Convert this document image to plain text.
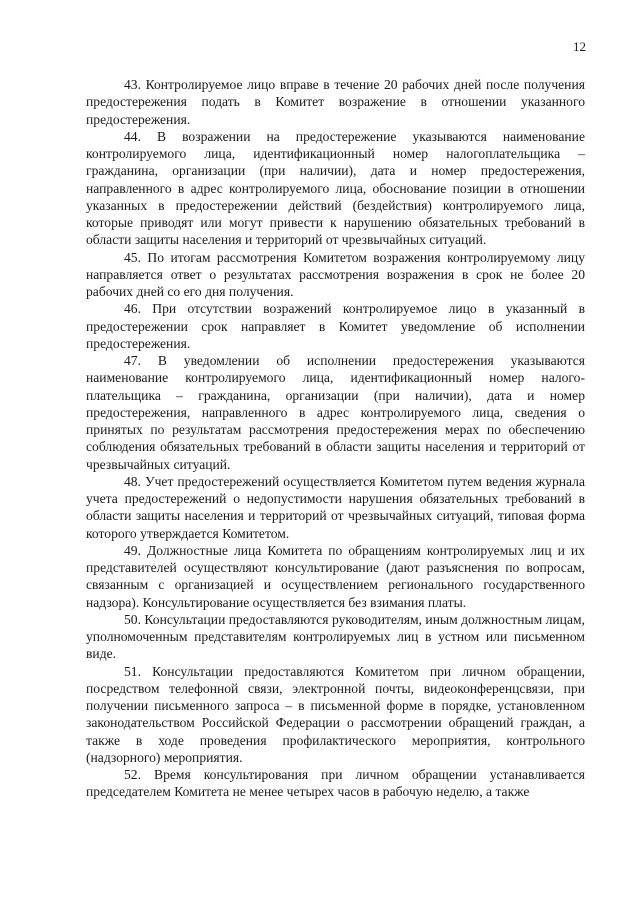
12

43. Контролируемое лицо вправе в течение 20 рабочих дней после получения предостережения подать в Комитет возражение в отношении указанного предостережения.

44. В возражении на предостережение указываются наименование контролируемого лица, идентификационный номер налогоплательщика – гражданина, организации (при наличии), дата и номер предостережения, направленного в адрес контролируемого лица, обоснование позиции в отношении указанных в предостережении действий (бездействия) контролируемого лица, которые приводят или могут привести к нарушению обязательных требований в области защиты населения и территорий от чрезвычайных ситуаций.

45. По итогам рассмотрения Комитетом возражения контролируемому лицу направляется ответ о результатах рассмотрения возражения в срок не более 20 рабочих дней со его дня получения.

46. При отсутствии возражений контролируемое лицо в указанный в предостережении срок направляет в Комитет уведомление об исполнении предостережения.

47. В уведомлении об исполнении предостережения указываются наименование контролируемого лица, идентификационный номер налогоплательщика – гражданина, организации (при наличии), дата и номер предостережения, направленного в адрес контролируемого лица, сведения о принятых по результатам рассмотрения предостережения мерах по обеспечению соблюдения обязательных требований в области защиты населения и территорий от чрезвычайных ситуаций.

48. Учет предостережений осуществляется Комитетом путем ведения журнала учета предостережений о недопустимости нарушения обязательных требований в области защиты населения и территорий от чрезвычайных ситуаций, типовая форма которого утверждается Комитетом.

49. Должностные лица Комитета по обращениям контролируемых лиц и их представителей осуществляют консультирование (дают разъяснения по вопросам, связанным с организацией и осуществлением регионального государственного надзора). Консультирование осуществляется без взимания платы.

50. Консультации предоставляются руководителям, иным должностным лицам, уполномоченным представителям контролируемых лиц в устном или письменном виде.

51. Консультации предоставляются Комитетом при личном обращении, посредством телефонной связи, электронной почты, видеоконференцсвязи, при получении письменного запроса – в письменной форме в порядке, установленном законодательством Российской Федерации о рассмотрении обращений граждан, а также в ходе проведения профилактического мероприятия, контрольного (надзорного) мероприятия.

52. Время консультирования при личном обращении устанавливается председателем Комитета не менее четырех часов в рабочую неделю, а также
